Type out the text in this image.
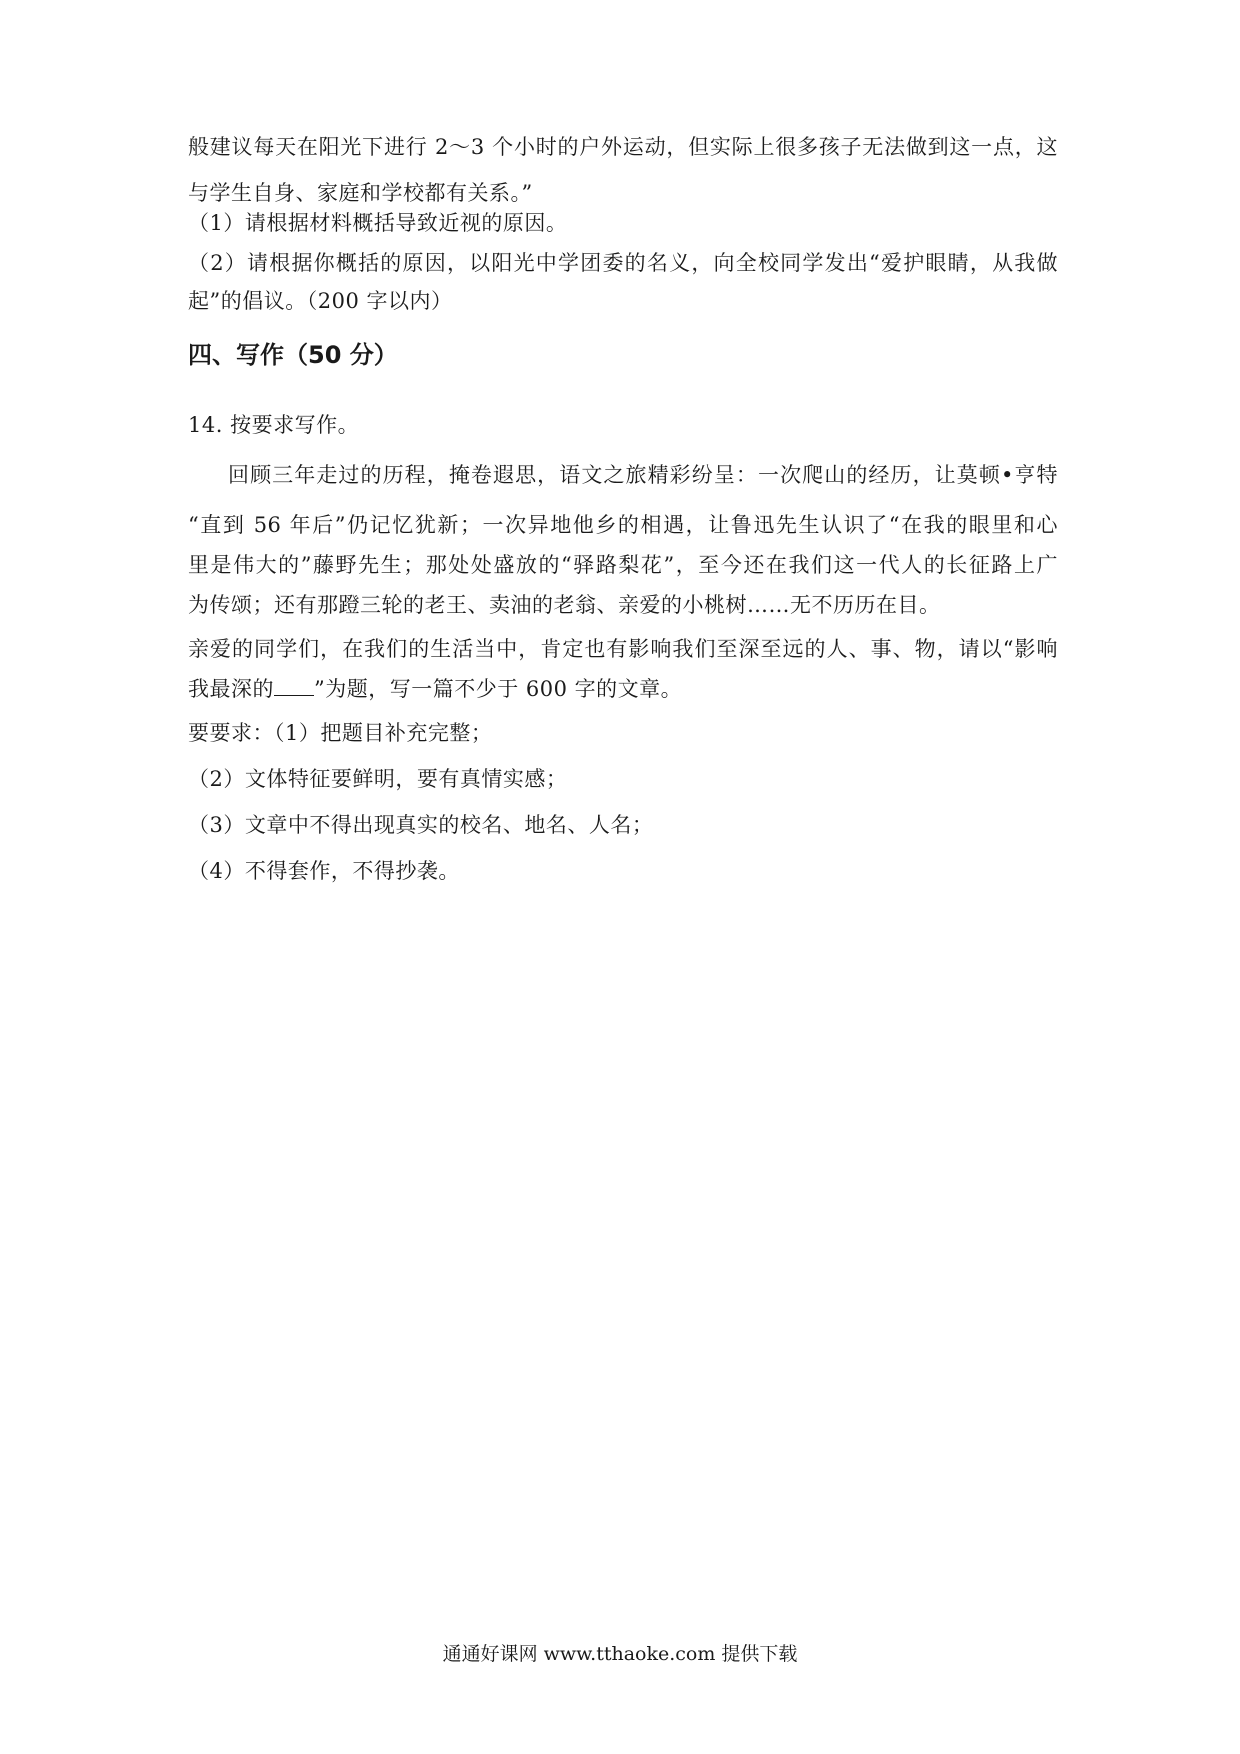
般建议每天在阳光下进行 2～3 个小时的户外运动，但实际上很多孩子无法做到这一点，这
与学生自身、家庭和学校都有关系。”
（1）请根据材料概括导致近视的原因。
（2）请根据你概括的原因，以阳光中学团委的名义，向全校同学发出“爱护眼睛，从我做
起”的倡议。（200 字以内）
四、写作（50 分）
14. 按要求写作。
回顾三年走过的历程，掩卷遐思，语文之旅精彩纷呈：一次爬山的经历，让莫顿•亨特
“直到 56 年后”仍记忆犹新；一次异地他乡的相遇，让鲁迅先生认识了“在我的眼里和心
里是伟大的”藤野先生；那处处盛放的“驿路梨花”，至今还在我们这一代人的长征路上广
为传颂；还有那蹬三轮的老王、卖油的老翁、亲爱的小桃树……无不历历在目。
亲爱的同学们，在我们的生活当中，肯定也有影响我们至深至远的人、事、物，请以“影响
我最深的 ”为题，写一篇不少于 600 字的文章。
要要求：（1）把题目补充完整；
（2）文体特征要鲜明，要有真情实感；
（3）文章中不得出现真实的校名、地名、人名；
（4）不得套作，不得抄袭。
通通好课网 www.tthaoke.com 提供下载
